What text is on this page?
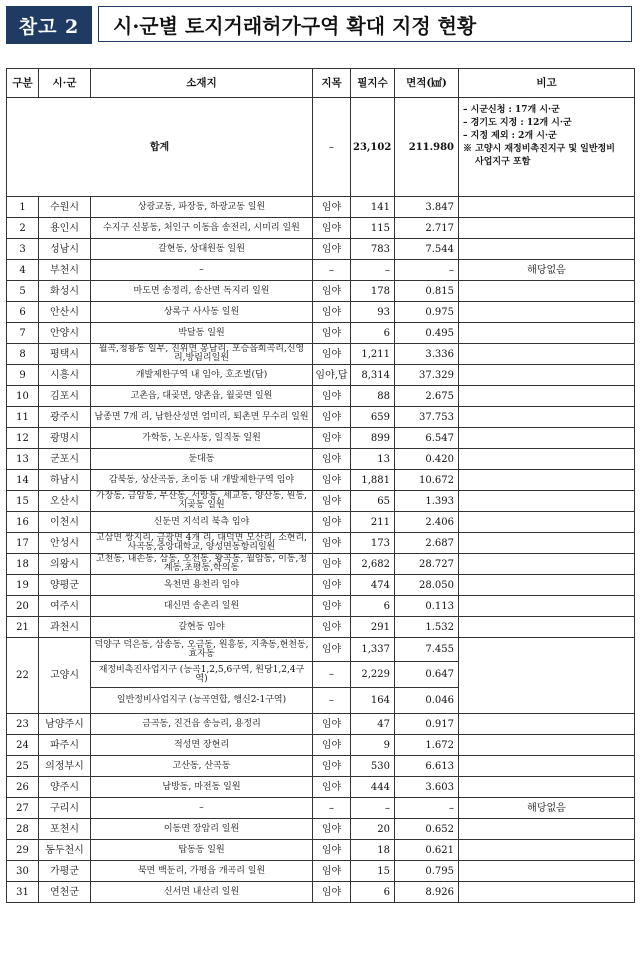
참고 2	시·군별 토지거래허가구역 확대 지정 현황
구분	시·군	소재지	지목	필지수	면적(㎢)	비고
합계			–	23,102	211.980	– 시군신청 : 17개 시·군
– 경기도 지정 : 12개 시·군
– 지정 제외 : 2개 시·군
※ 고양시 재정비촉진지구 및 일반정비
사업지구 포함

1	수원시	상광교동, 파장동, 하광교동 일원	임야	141	3.847	
2	용인시	수지구 신봉동, 처인구 이동읍 송전리, 시미리 일원	임야	115	2.717	
3	성남시	갈현동, 상대원동 일원	임야	783	7.544	
4	부천시	–	–	–	–	해당없음
5	화성시	마도면 송정리, 송산면 독지리 일원	임야	178	0.815	
6	안산시	상록구 사사동 일원	임야	93	0.975	
7	안양시	박달동 일원	임야	6	0.495	
8	평택시	월곡,청룡동 일부, 진위면 봉남리, 포승읍희곡리,신영리,방림리일원	임야	1,211	3.336	
9	시흥시	개발제한구역 내 임야, 호조벌(답)	임야,답	8,314	37.329	
10	김포시	고촌읍, 대곶면, 양촌읍, 월곶면 일원	임야	88	2.675	
11	광주시	남종면 7개 리, 남한산성면 엄미리, 퇴촌면 무수리 일원	임야	659	37.753	
12	광명시	가학동, 노온사동, 일직동 일원	임야	899	6.547	
13	군포시	둔대동	임야	13	0.420	
14	하남시	감북동, 상산곡동, 초이동 내 개발제한구역 임야	임야	1,881	10.672	
15	오산시	가장동, 금암동, 부산동, 서랑동, 세교동, 양산동, 원동, 지곶동 일원	임야	65	1.393	
16	이천시	신둔면 지석리 북측 임야	임야	211	2.406	
17	안성시	고삼면 쌍지리, 금광면 4개 리, 대덕면 모산리, 소현리, 사곡동,중앙대학교, 양성면동항리일원	임야	173	2.687	
18	의왕시	고천동, 내손동, 삼동, 오전동, 왕곡동, 월암동, 이동,청계동,초평동,학의동	임야	2,682	28.727	
19	양평군	옥천면 용천리 임야	임야	474	28.050	
20	여주시	대신면 송촌리 일원	임야	6	0.113	
21	과천시	갈현동 임야	임야	291	1.532	
22	고양시	덕양구 덕은동, 삼송동, 오금동, 원흥동, 지축동,현천동,효자동	임야	1,337	7.455	
		재정비촉진사업지구 (능곡1,2,5,6구역, 원당1,2,4구역)	–	2,229	0.647	
		일반정비사업지구 (능곡연합, 행신2-1구역)	–	164	0.046	
23	남양주시	금곡동, 진건읍 송능리, 용정리	임야	47	0.917	
24	파주시	적성면 장현리	임야	9	1.672	
25	의정부시	고산동, 산곡동	임야	530	6.613	
26	양주시	남방동, 마전동 일원	임야	444	3.603	
27	구리시	–	–	–	–	해당없음
28	포천시	이동면 장암리 일원	임야	20	0.652	
29	동두천시	탑동동 일원	임야	18	0.621	
30	가평군	북면 백둔리, 가평읍 개곡리 일원	임야	15	0.795	
31	연천군	신서면 내산리 일원	임야	6	8.926	
